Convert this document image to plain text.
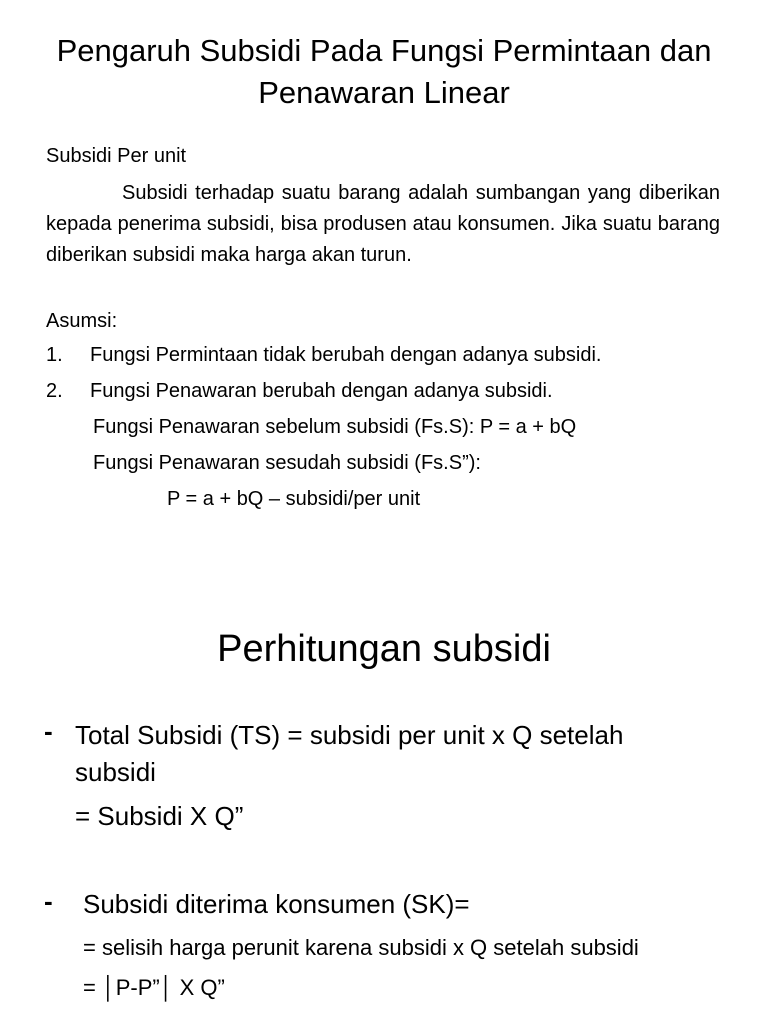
Pengaruh Subsidi Pada Fungsi Permintaan dan Penawaran Linear
Subsidi Per unit
Subsidi terhadap suatu barang adalah sumbangan yang diberikan kepada penerima subsidi, bisa produsen atau konsumen. Jika suatu barang diberikan subsidi maka harga akan turun.
Asumsi:
1. Fungsi Permintaan tidak berubah dengan adanya subsidi.
2. Fungsi Penawaran berubah dengan adanya subsidi.
Fungsi Penawaran sebelum subsidi (Fs.S): P = a + bQ
Fungsi Penawaran sesudah subsidi (Fs.S”):
P = a + bQ – subsidi/per unit
Perhitungan subsidi
- Total Subsidi (TS) = subsidi per unit x Q setelah
subsidi
= Subsidi X Q”
- Subsidi diterima konsumen (SK)=
= selisih harga perunit karena subsidi x Q setelah subsidi
= │P-P”│ X Q”
